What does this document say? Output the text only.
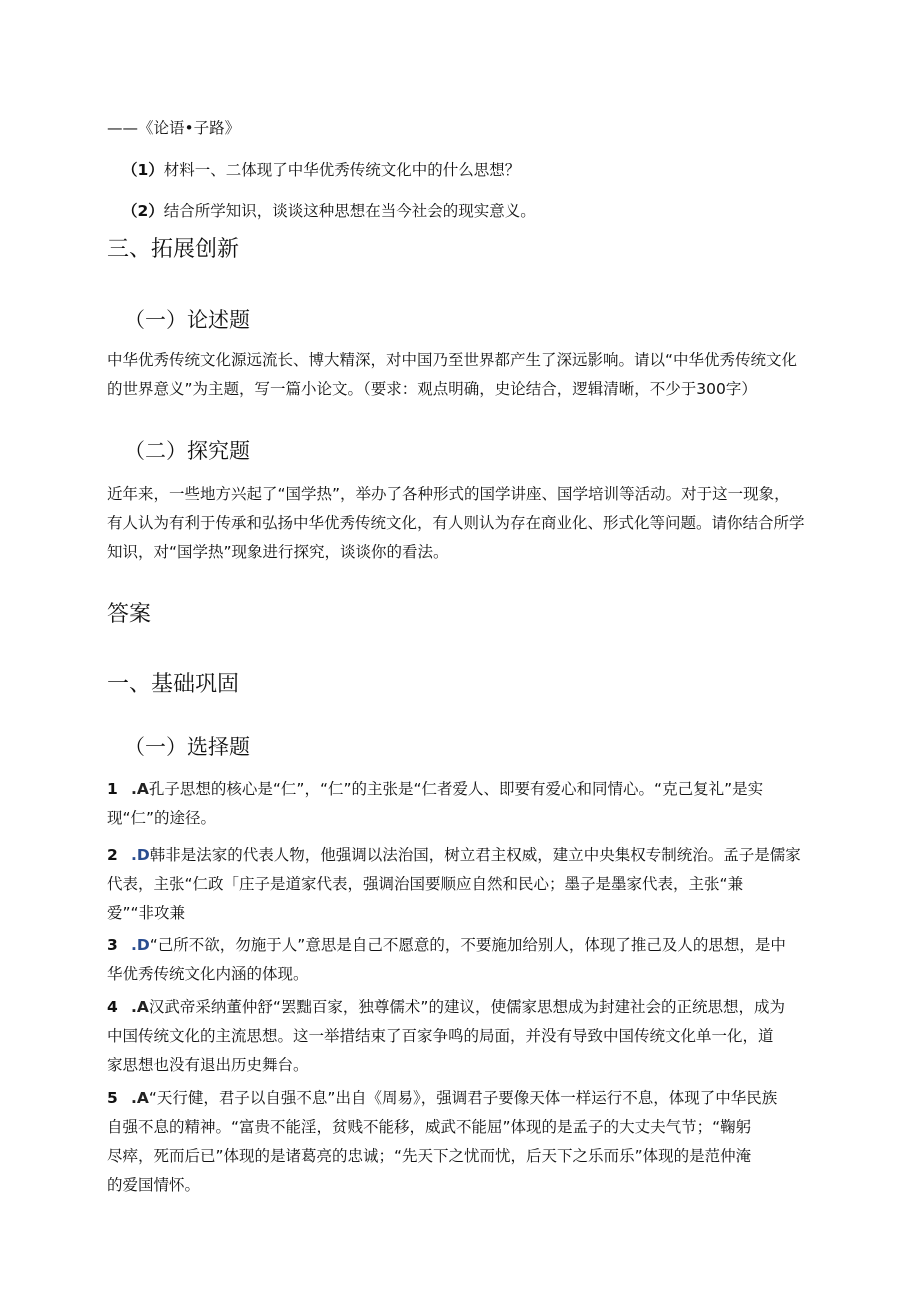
——《论语•子路》
（1）材料一、二体现了中华优秀传统文化中的什么思想？
（2）结合所学知识，谈谈这种思想在当今社会的现实意义。
三、拓展创新
（一）论述题
中华优秀传统文化源远流长、博大精深，对中国乃至世界都产生了深远影响。请以“中华优秀传统文化
的世界意义”为主题，写一篇小论文。（要求：观点明确，史论结合，逻辑清晰，不少于300字）
（二）探究题
近年来，一些地方兴起了“国学热”，举办了各种形式的国学讲座、国学培训等活动。对于这一现象，
有人认为有利于传承和弘扬中华优秀传统文化，有人则认为存在商业化、形式化等问题。请你结合所学
知识，对“国学热”现象进行探究，谈谈你的看法。
答案
一、基础巩固
（一）选择题
1 .A孔子思想的核心是“仁”，“仁”的主张是“仁者爱人、即要有爱心和同情心。“克己复礼”是实
现“仁”的途径。
2 .D韩非是法家的代表人物，他强调以法治国，树立君主权威，建立中央集权专制统治。孟子是儒家
代表，主张“仁政「庄子是道家代表，强调治国要顺应自然和民心；墨子是墨家代表，主张“兼
爱”“非攻兼
3 .D“己所不欲，勿施于人”意思是自己不愿意的，不要施加给别人，体现了推己及人的思想，是中
华优秀传统文化内涵的体现。
4 .A汉武帝采纳董仲舒“罢黜百家，独尊儒术”的建议，使儒家思想成为封建社会的正统思想，成为
中国传统文化的主流思想。这一举措结束了百家争鸣的局面，并没有导致中国传统文化单一化，道
家思想也没有退出历史舞台。
5 .A“天行健，君子以自强不息”出自《周易》，强调君子要像天体一样运行不息，体现了中华民族
自强不息的精神。“富贵不能淫，贫贱不能移，威武不能屈”体现的是孟子的大丈夫气节；“鞠躬
尽瘁，死而后已”体现的是诸葛亮的忠诚；“先天下之忧而忧，后天下之乐而乐”体现的是范仲淹
的爱国情怀。
